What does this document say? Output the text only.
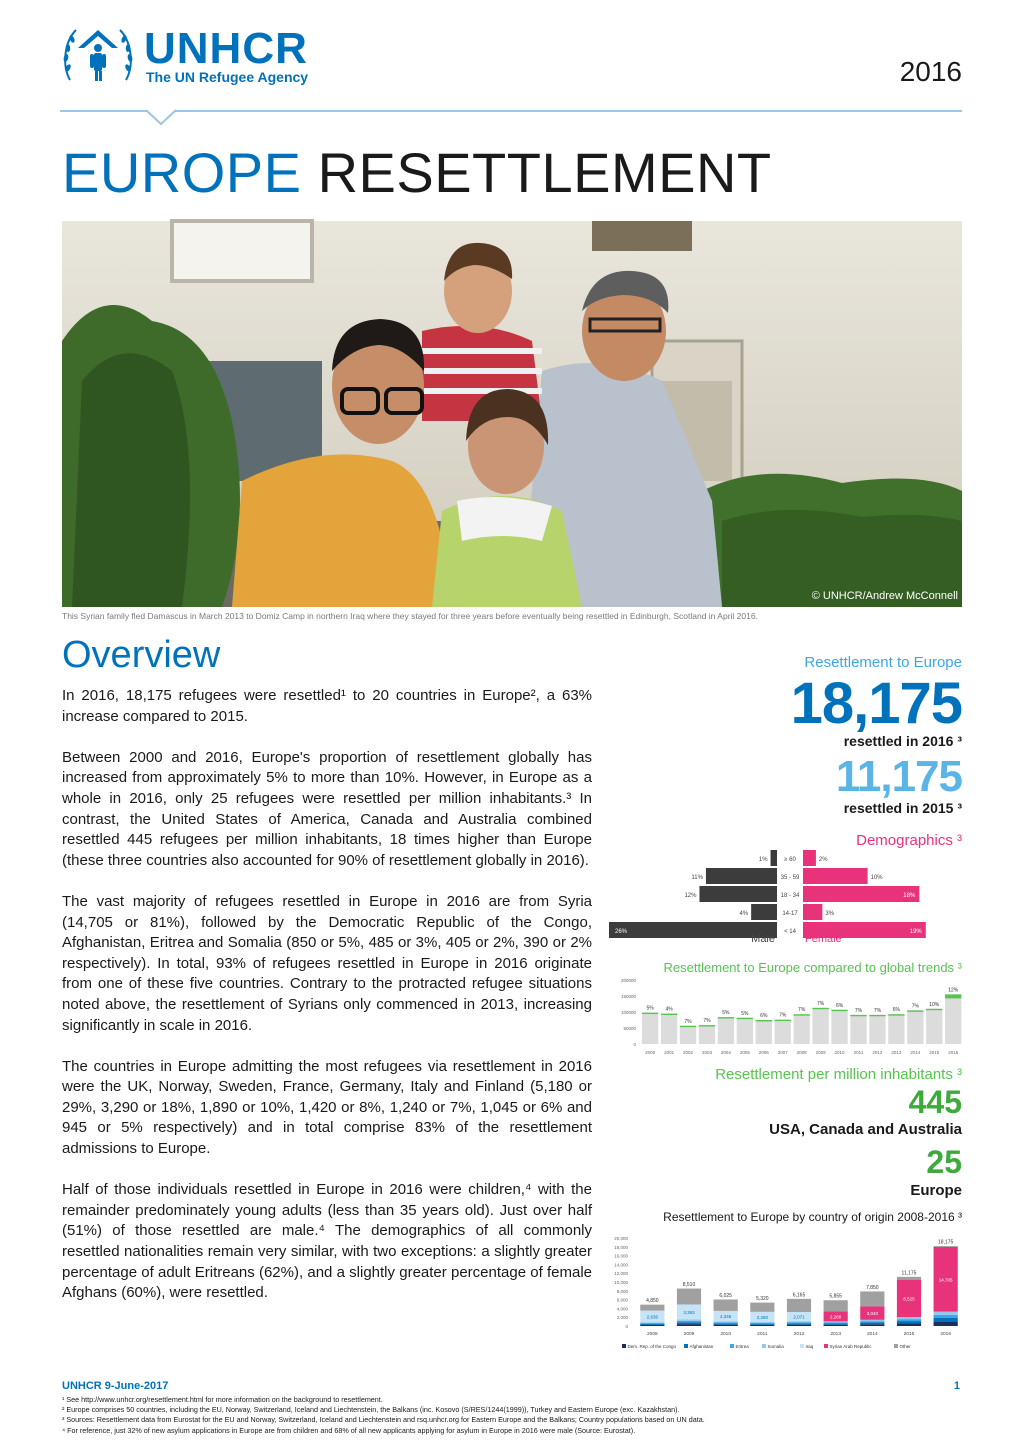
UNHCR
The UN Refugee Agency	2016
EUROPE RESETTLEMENT
© UNHCR/Andrew McConnell
This Syrian family fled Damascus in March 2013 to Domiz Camp in northern Iraq where they stayed for three years before eventually being resettled in Edinburgh, Scotland in April 2016.
Overview

In 2016, 18,175 refugees were resettled¹ to 20 countries in Europe², a 63% increase compared to 2015.

Between 2000 and 2016, Europe's proportion of resettlement globally has increased from approximately 5% to more than 10%. However, in Europe as a whole in 2016, only 25 refugees were resettled per million inhabitants.³ In contrast, the United States of America, Canada and Australia combined resettled 445 refugees per million inhabitants, 18 times higher than Europe (these three countries also accounted for 90% of resettlement globally in 2016).

The vast majority of refugees resettled in Europe in 2016 are from Syria (14,705 or 81%), followed by the Democratic Republic of the Congo, Afghanistan, Eritrea and Somalia (850 or 5%, 485 or 3%, 405 or 2%, 390 or 2% respectively). In total, 93% of refugees resettled in Europe in 2016 originate from one of these five countries. Contrary to the protracted refugee situations noted above, the resettlement of Syrians only commenced in 2013, increasing significantly in scale in 2016.

The countries in Europe admitting the most refugees via resettlement in 2016 were the UK, Norway, Sweden, France, Germany, Italy and Finland (5,180 or 29%, 3,290 or 18%, 1,890 or 10%, 1,420 or 8%, 1,240 or 7%, 1,045 or 6% and 945 or 5% respectively) and in total comprise 83% of the resettlement admissions to Europe.

Half of those individuals resettled in Europe in 2016 were children,⁴ with the remainder predominately young adults (less than 35 years old). Just over half (51%) of those resettled are male.⁴ The demographics of all commonly resettled nationalities remain very similar, with two exceptions: a slightly greater percentage of adult Eritreans (62%), and a slightly greater percentage of female Afghans (60%), were resettled.

Resettlement to Europe
18,175
resettled in 2016 ³
11,175
resettled in 2015 ³
Demographics ³
≥ 60
1%	2%
35 - 59
11%	10%
18 - 34
12%	18%
14-17
4%	3%
< 14
26%	19%
Male	Female
Resettlement to Europe compared to global trends ³
200000
150000
100000
50000
0
5%
2000
4%
2001
7%
2002
7%
2003
5%
2004
5%
2005
6%
2006
7%
2007
7%
2008
7%
2009
6%
2010
7%
2011
7%
2012
6%
2013
7%
2014
10%
2015
12%
2016
Resettlement per million inhabitants ³
445
USA, Canada and Australia
25
Europe
Resettlement to Europe by country of origin 2008-2016 ³
20,000
18,000
16,000
14,000
12,000
10,000
8,000
6,000
4,000
2,000
0
2,636
4,850
2008
3,363
8,510
2009
2,346
6,025
2010
2,260
5,320
2011
2,071
6,165
2012
2,260
5,855
2013
3,040
7,850
2014
8,525
11,175
2015
14,705
18,175
2016
Dem. Rep. of the Congo	Afghanistan	Eritrea	Somalia	Iraq	Syrian Arab Republic	Other
UNHCR 9-June-2017	1
¹ See http://www.unhcr.org/resettlement.html for more information on the background to resettlement.
² Europe comprises 50 countries, including the EU, Norway, Switzerland, Iceland and Liechtenstein, the Balkans (inc. Kosovo (S/RES/1244(1999)), Turkey and Eastern Europe (exc. Kazakhstan).
³ Sources: Resettlement data from Eurostat for the EU and Norway, Switzerland, Iceland and Liechtenstein and rsq.unhcr.org for Eastern Europe and the Balkans; Country populations based on UN data.
⁴ For reference, just 32% of new asylum applications in Europe are from children and 68% of all new applicants applying for asylum in Europe in 2016 were male (Source: Eurostat).
